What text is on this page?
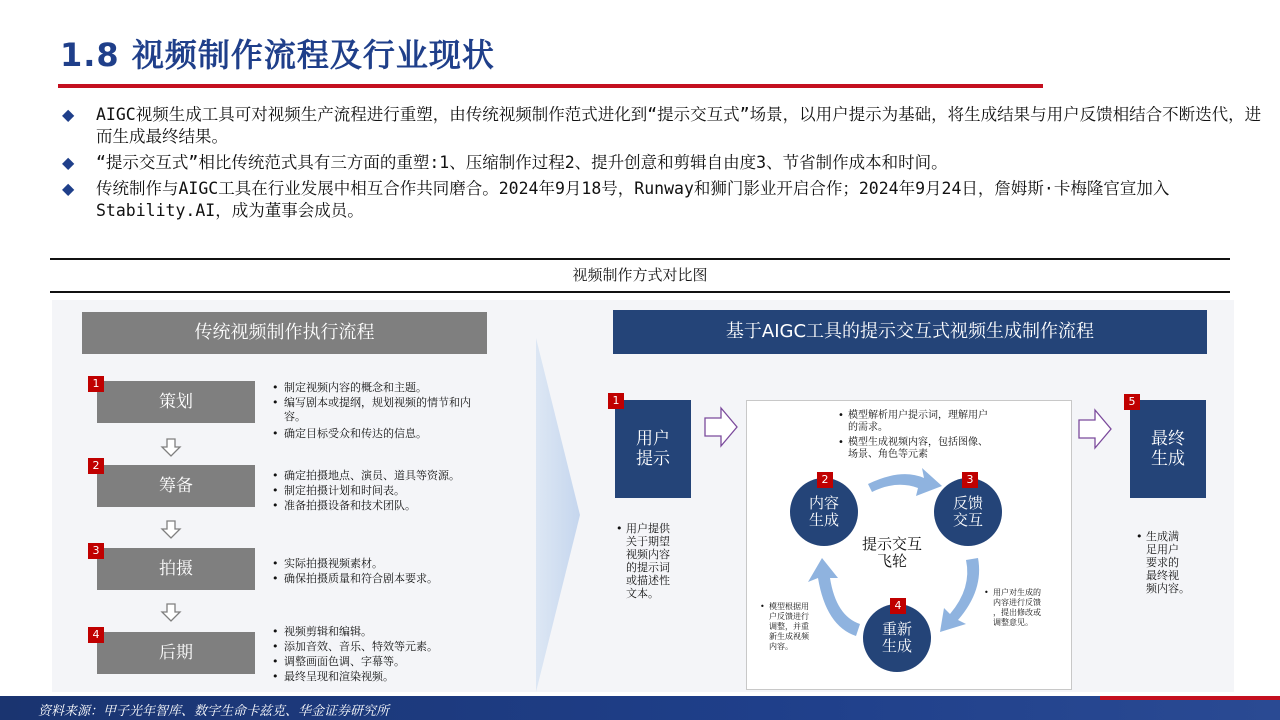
1.8 视频制作流程及行业现状
◆ AIGC视频生成工具可对视频生产流程进行重塑，由传统视频制作范式进化到“提示交互式”场景，以用户提示为基础，将生成结果与用户反馈相结合不断迭代，进而生成最终结果。
◆ “提示交互式”相比传统范式具有三方面的重塑:1、压缩制作过程2、提升创意和剪辑自由度3、节省制作成本和时间。
◆ 传统制作与AIGC工具在行业发展中相互合作共同磨合。2024年9月18号，Runway和狮门影业开启合作；2024年9月24日，詹姆斯·卡梅隆官宣加入Stability.AI，成为董事会成员。
视频制作方式对比图
传统视频制作执行流程
策划
1	• 制定视频内容的概念和主题。
• 编写剧本或提纲，规划视频的情节和内容。
• 确定目标受众和传达的信息。
筹备
2
• 确定拍摄地点、演员、道具等资源。
• 制定拍摄计划和时间表。
• 准备拍摄设备和技术团队。
拍摄
3
• 实际拍摄视频素材。
• 确保拍摄质量和符合剧本要求。
后期
4	• 视频剪辑和编辑。
• 添加音效、音乐、特效等元素。
• 调整画面色调、字幕等。
• 最终呈现和渲染视频。
基于AIGC工具的提示交互式视频生成制作流程
用户
提示
1
• 用户提供
关于期望
视频内容
的提示词
或描述性
文本。
• 模型解析用户提示词，理解用户的需求。
• 模型生成视频内容，包括图像、场景、角色等元素
内容
生成
2
反馈
交互
3
重新
生成
4
提示交互
飞轮
• 用户对生成的
内容进行反馈
，提出修改或
调整意见。
• 模型根据用
户反馈进行
调整，并重
新生成视频
内容。
最终
生成
5
• 生成满
足用户
要求的
最终视
频内容。
资料来源：甲子光年智库、数字生命卡兹克、华金证券研究所
